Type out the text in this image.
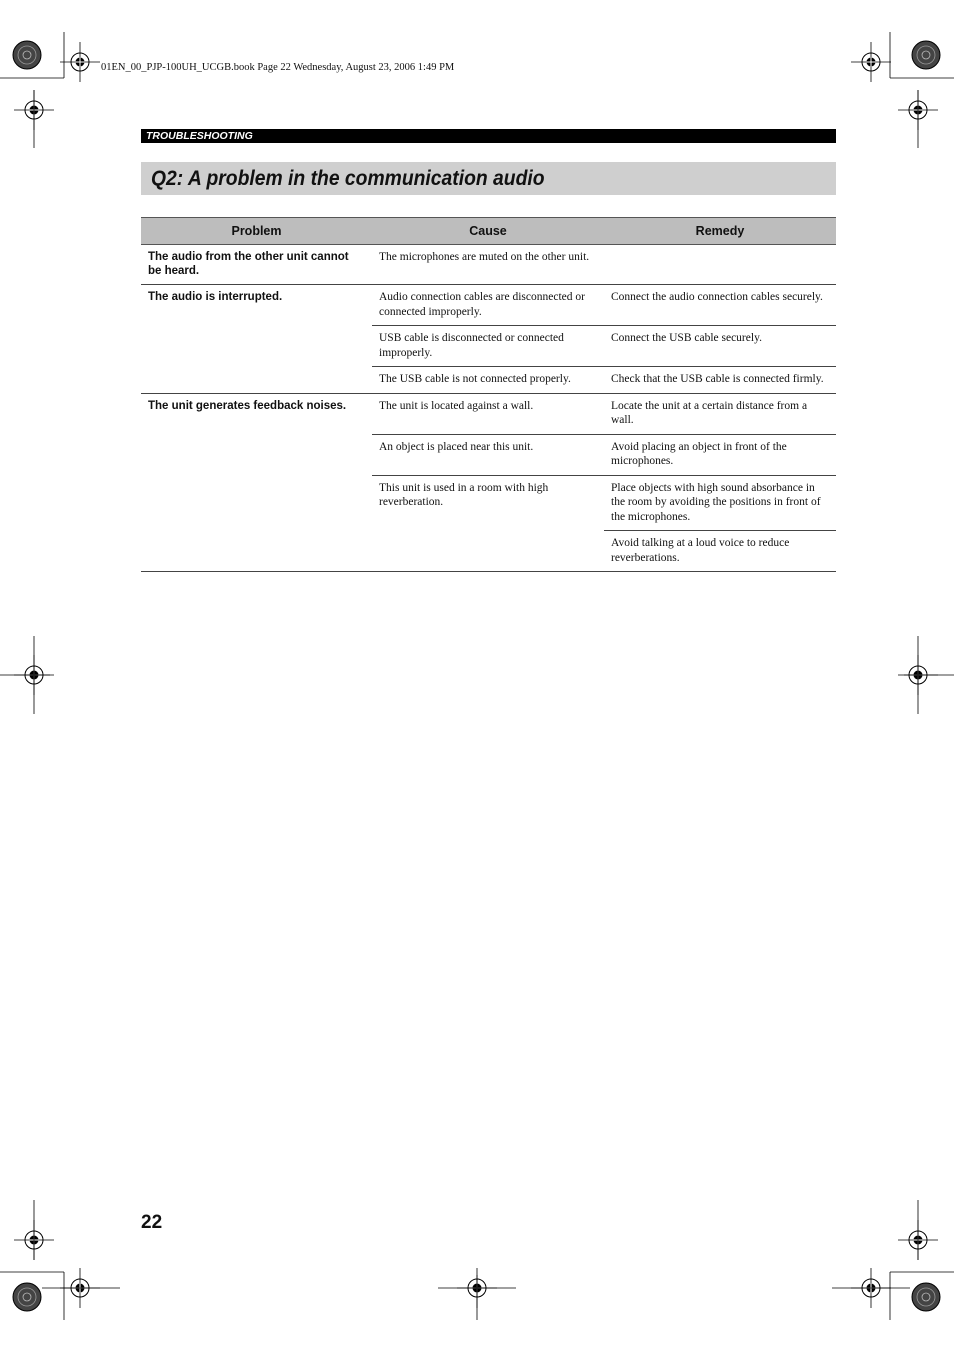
01EN_00_PJP-100UH_UCGB.book Page 22 Wednesday, August 23, 2006 1:49 PM
TROUBLESHOOTING
Q2: A problem in the communication audio
Problem	Cause	Remedy
The audio from the other unit cannot be heard.	The microphones are muted on the other unit.	
The audio is interrupted.	Audio connection cables are disconnected or connected improperly.	Connect the audio connection cables securely.
	USB cable is disconnected or connected improperly.	Connect the USB cable securely.
	The USB cable is not connected properly.	Check that the USB cable is connected firmly.
The unit generates feedback noises.	The unit is located against a wall.	Locate the unit at a certain distance from a wall.
	An object is placed near this unit.	Avoid placing an object in front of the microphones.
	This unit is used in a room with high reverberation.	Place objects with high sound absorbance in the room by avoiding the positions in front of the microphones.
		Avoid talking at a loud voice to reduce reverberations.
22
